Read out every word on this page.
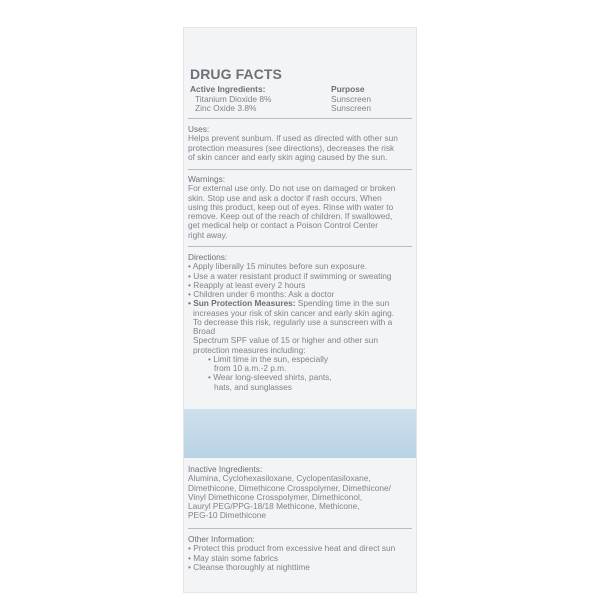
DRUG FACTS
Active Ingredients:	Purpose
Titanium Dioxide 8%	Sunscreen
Zinc Oxide 3.8%	Sunscreen

Uses:

Helps prevent sunburn. If used as directed with other sun

protection measures (see directions), decreases the risk

of skin cancer and early skin aging caused by the sun.

Warnings:

For external use only. Do not use on damaged or broken

skin. Stop use and ask a doctor if rash occurs. When

using this product, keep out of eyes. Rinse with water to

remove. Keep out of the reach of children. If swallowed,

get medical help or contact a Poison Control Center

right away.

Directions:

• Apply liberally 15 minutes before sun exposure.

• Use a water resistant product if swimming or sweating

• Reapply at least every 2 hours

• Children under 6 months: Ask a doctor

• Sun Protection Measures: Spending time in the sun

increases your risk of skin cancer and early skin aging.

To decrease this risk, regularly use a sunscreen with a Broad

Spectrum SPF value of 15 or higher and other sun

protection measures including:

• Limit time in the sun, especially

from 10 a.m.-2 p.m.

• Wear long-sleeved shirts, pants,

hats, and sunglasses

Inactive Ingredients:

Alumina, Cyclohexasiloxane, Cyclopentasiloxane,

Dimethicone, Dimethicone Crosspolymer, Dimethicone/

Vinyl Dimethicone Crosspolymer, Dimethiconol,

Lauryl PEG/PPG-18/18 Methicone, Methicone,

PEG-10 Dimethicone

Other Information:

• Protect this product from excessive heat and direct sun

• May stain some fabrics

• Cleanse thoroughly at nighttime
